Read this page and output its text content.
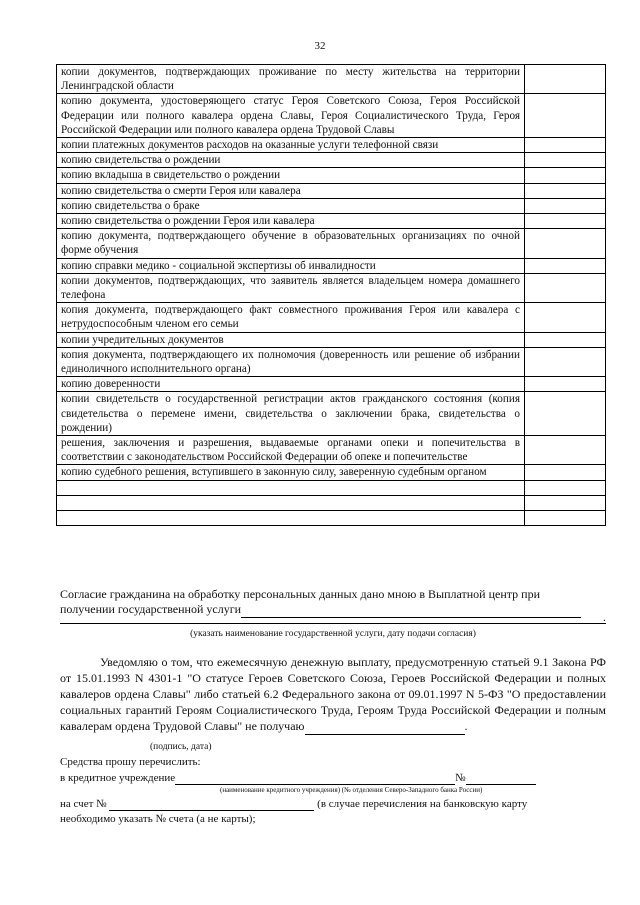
32
копии документов, подтверждающих проживание по месту жительства на территории Ленинградской области	
копию документа, удостоверяющего статус Героя Советского Союза, Героя Российской Федерации или полного кавалера ордена Славы, Героя Социалистического Труда, Героя Российской Федерации или полного кавалера ордена Трудовой Славы	
копии платежных документов расходов на оказанные услуги телефонной связи	
копию свидетельства о рождении	
копию вкладыша в свидетельство о рождении	
копию свидетельства о смерти Героя или кавалера	
копию свидетельства о браке	
копию свидетельства о рождении Героя или кавалера	
копию документа, подтверждающего обучение в образовательных организациях по очной форме обучения	
копию справки медико - социальной экспертизы об инвалидности	
копии документов, подтверждающих, что заявитель является владельцем номера домашнего телефона	
копия документа, подтверждающего факт совместного проживания Героя или кавалера с нетрудоспособным членом его семьи	
копии учредительных документов	
копия документа, подтверждающего их полномочия (доверенность или решение об избрании единоличного исполнительного органа)	
копию доверенности	
копии свидетельств о государственной регистрации актов гражданского состояния (копия свидетельства о перемене имени, свидетельства о заключении брака, свидетельства о рождении)	
решения, заключения и разрешения, выдаваемые органами опеки и попечительства в соответствии с законодательством Российской Федерации об опеке и попечительстве	
копию судебного решения, вступившего в законную силу, заверенную судебным органом	

Согласие гражданина на обработку персональных данных дано мною в Выплатной центр при
получении государственной услуги
.
(указать наименование государственной услуги, дату подачи согласия)
Уведомляю о том, что ежемесячную денежную выплату, предусмотренную статьей 9.1 Закона РФ от 15.01.1993 N 4301-1 "О статусе Героев Советского Союза, Героев Российской Федерации и полных кавалеров ордена Славы" либо статьей 6.2 Федерального закона от 09.01.1997 N 5-ФЗ "О предоставлении социальных гарантий Героям Социалистического Труда, Героям Труда Российской Федерации и полным кавалерам ордена Трудовой Славы" не получаю	.
(подпись, дата)
Средства прошу перечислить:
в кредитное учреждение	№
(наименование кредитного учреждения) (№ отделения Северо-Западного банка России)
на счет №	(в случае перечисления на банковскую карту
необходимо указать № счета (а не карты);
